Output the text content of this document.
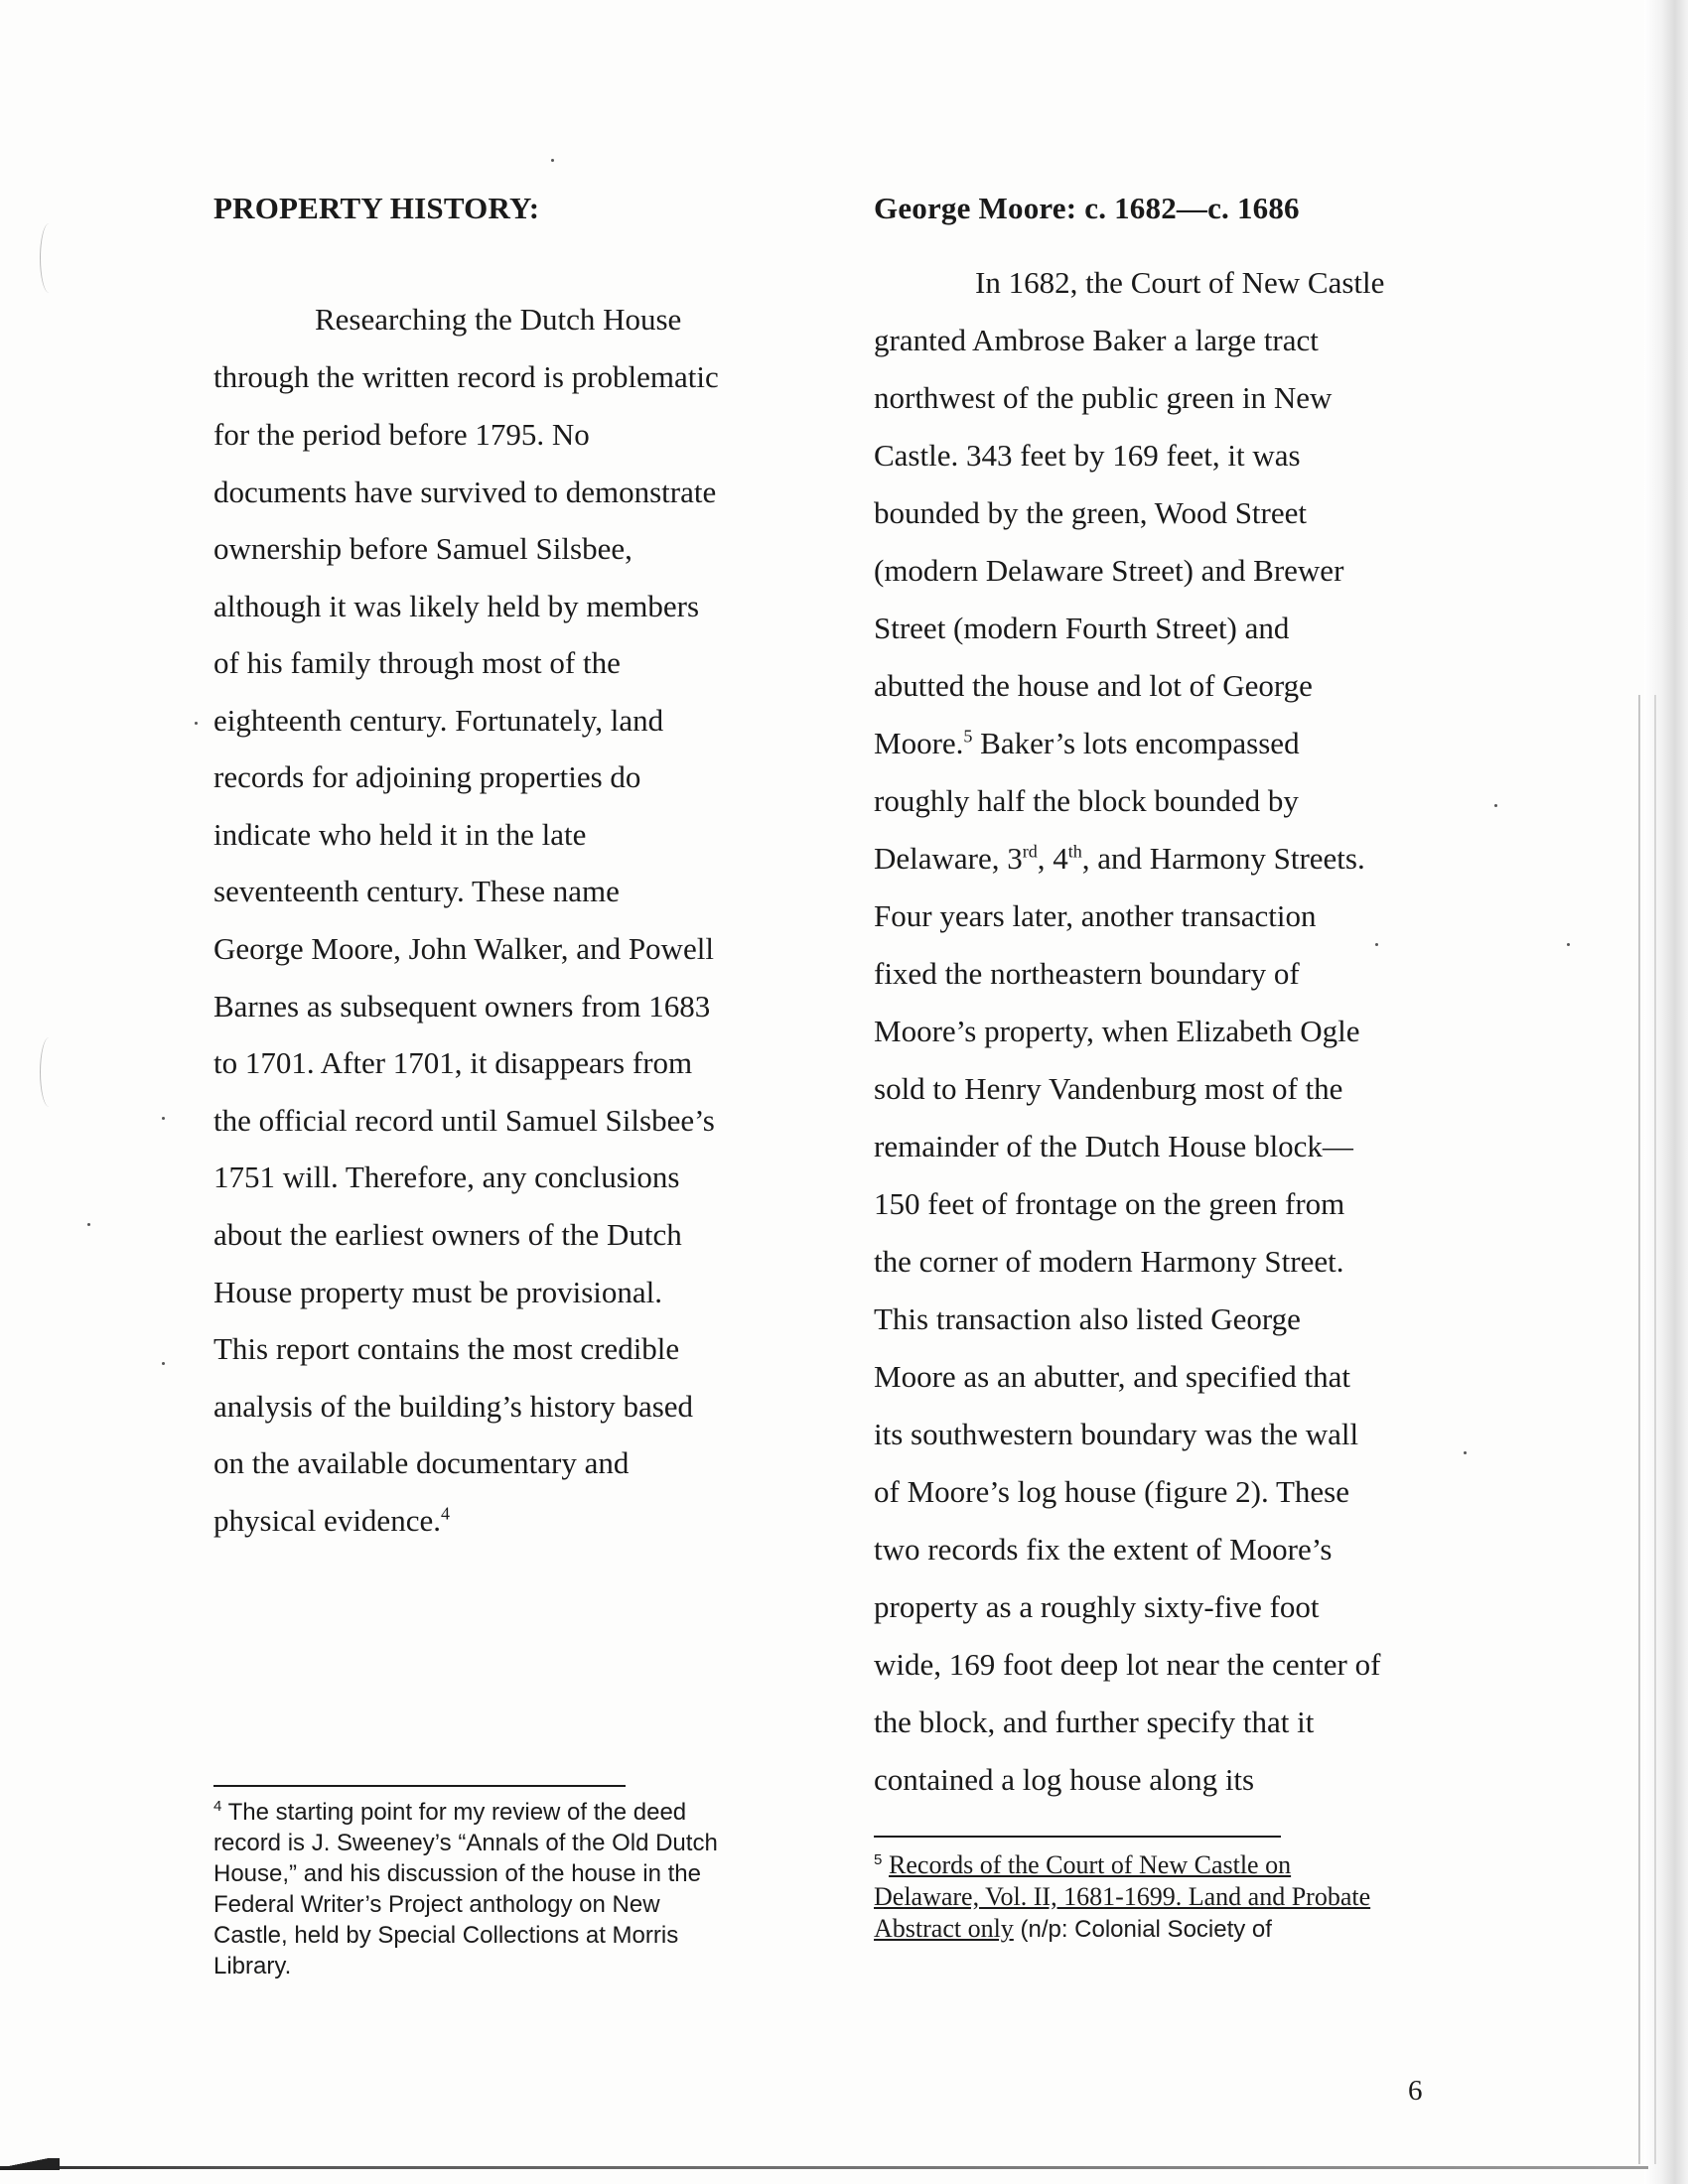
PROPERTY HISTORY:
Researching the Dutch House
through the written record is problematic
for the period before 1795. No
documents have survived to demonstrate
ownership before Samuel Silsbee,
although it was likely held by members
of his family through most of the
eighteenth century. Fortunately, land
records for adjoining properties do
indicate who held it in the late
seventeenth century. These name
George Moore, John Walker, and Powell
Barnes as subsequent owners from 1683
to 1701. After 1701, it disappears from
the official record until Samuel Silsbee’s
1751 will. Therefore, any conclusions
about the earliest owners of the Dutch
House property must be provisional.
This report contains the most credible
analysis of the building’s history based
on the available documentary and
physical evidence.$^4$
$^4$ The starting point for my review of the deed
record is J. Sweeney’s “Annals of the Old Dutch
House,” and his discussion of the house in the
Federal Writer’s Project anthology on New
Castle, held by Special Collections at Morris
Library.
George Moore: c. 1682—c. 1686
In 1682, the Court of New Castle
granted Ambrose Baker a large tract
northwest of the public green in New
Castle. 343 feet by 169 feet, it was
bounded by the green, Wood Street
(modern Delaware Street) and Brewer
Street (modern Fourth Street) and
abutted the house and lot of George
Moore.$^5$ Baker’s lots encompassed
roughly half the block bounded by
Delaware, 3rd, 4th, and Harmony Streets.
Four years later, another transaction
fixed the northeastern boundary of
Moore’s property, when Elizabeth Ogle
sold to Henry Vandenburg most of the
remainder of the Dutch House block—
150 feet of frontage on the green from
the corner of modern Harmony Street.
This transaction also listed George
Moore as an abutter, and specified that
its southwestern boundary was the wall
of Moore’s log house (figure 2). These
two records fix the extent of Moore’s
property as a roughly sixty-five foot
wide, 169 foot deep lot near the center of
the block, and further specify that it
contained a log house along its
$^5$ Records of the Court of New Castle on
Delaware, Vol. II, 1681-1699. Land and Probate
Abstract only (n/p: Colonial Society of
6
